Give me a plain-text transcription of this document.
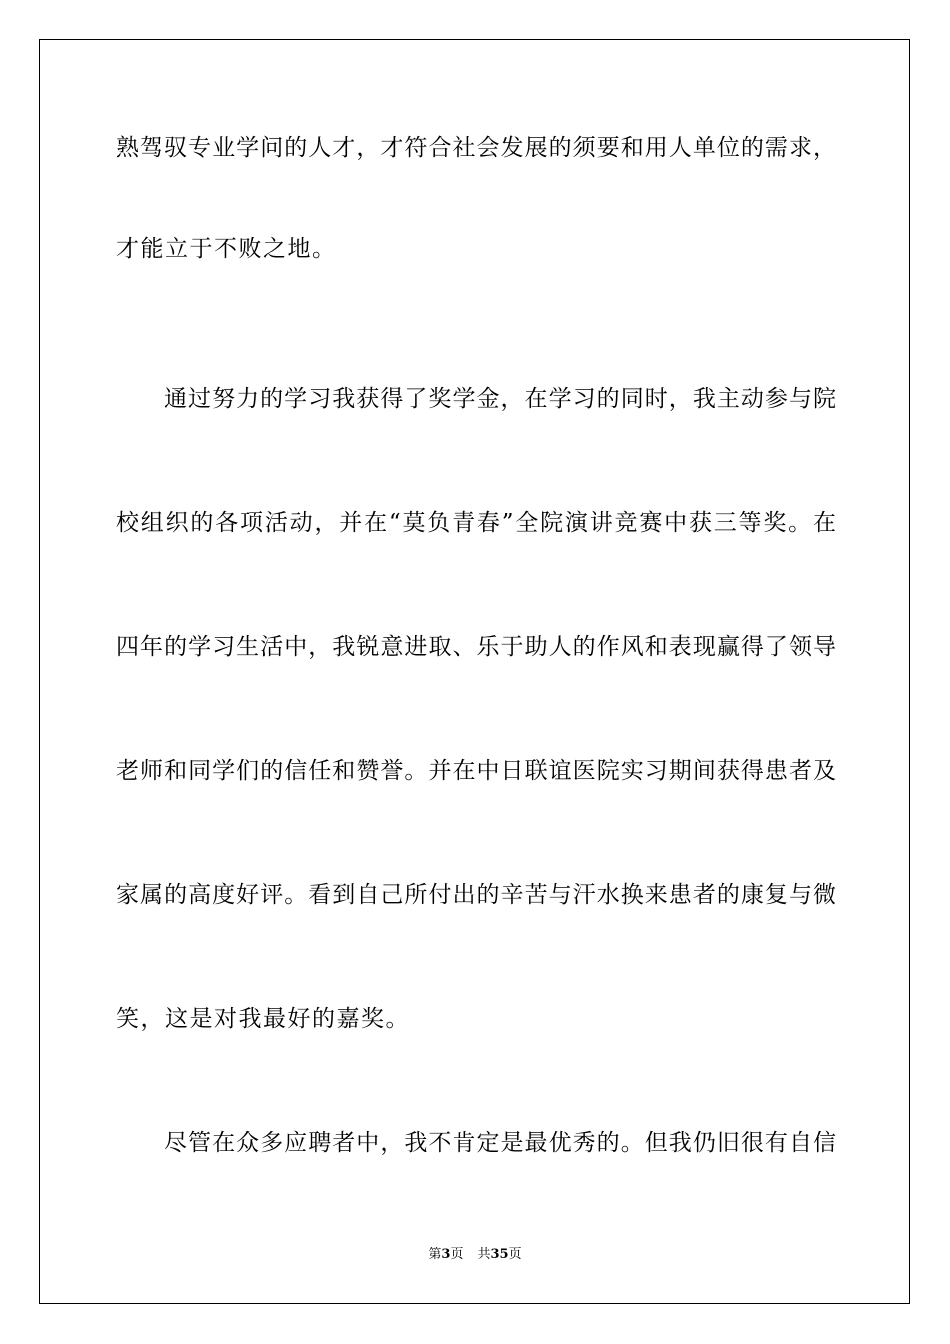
熟驾驭专业学问的人才，才符合社会发展的须要和用人单位的需求，
才能立于不败之地。
通过努力的学习我获得了奖学金，在学习的同时，我主动参与院
校组织的各项活动，并在“莫负青春”全院演讲竞赛中获三等奖。在
四年的学习生活中，我锐意进取、乐于助人的作风和表现赢得了领导
老师和同学们的信任和赞誉。并在中日联谊医院实习期间获得患者及
家属的高度好评。看到自己所付出的辛苦与汗水换来患者的康复与微
笑，这是对我最好的嘉奖。
尽管在众多应聘者中，我不肯定是最优秀的。但我仍旧很有自信
第3页 共35页
